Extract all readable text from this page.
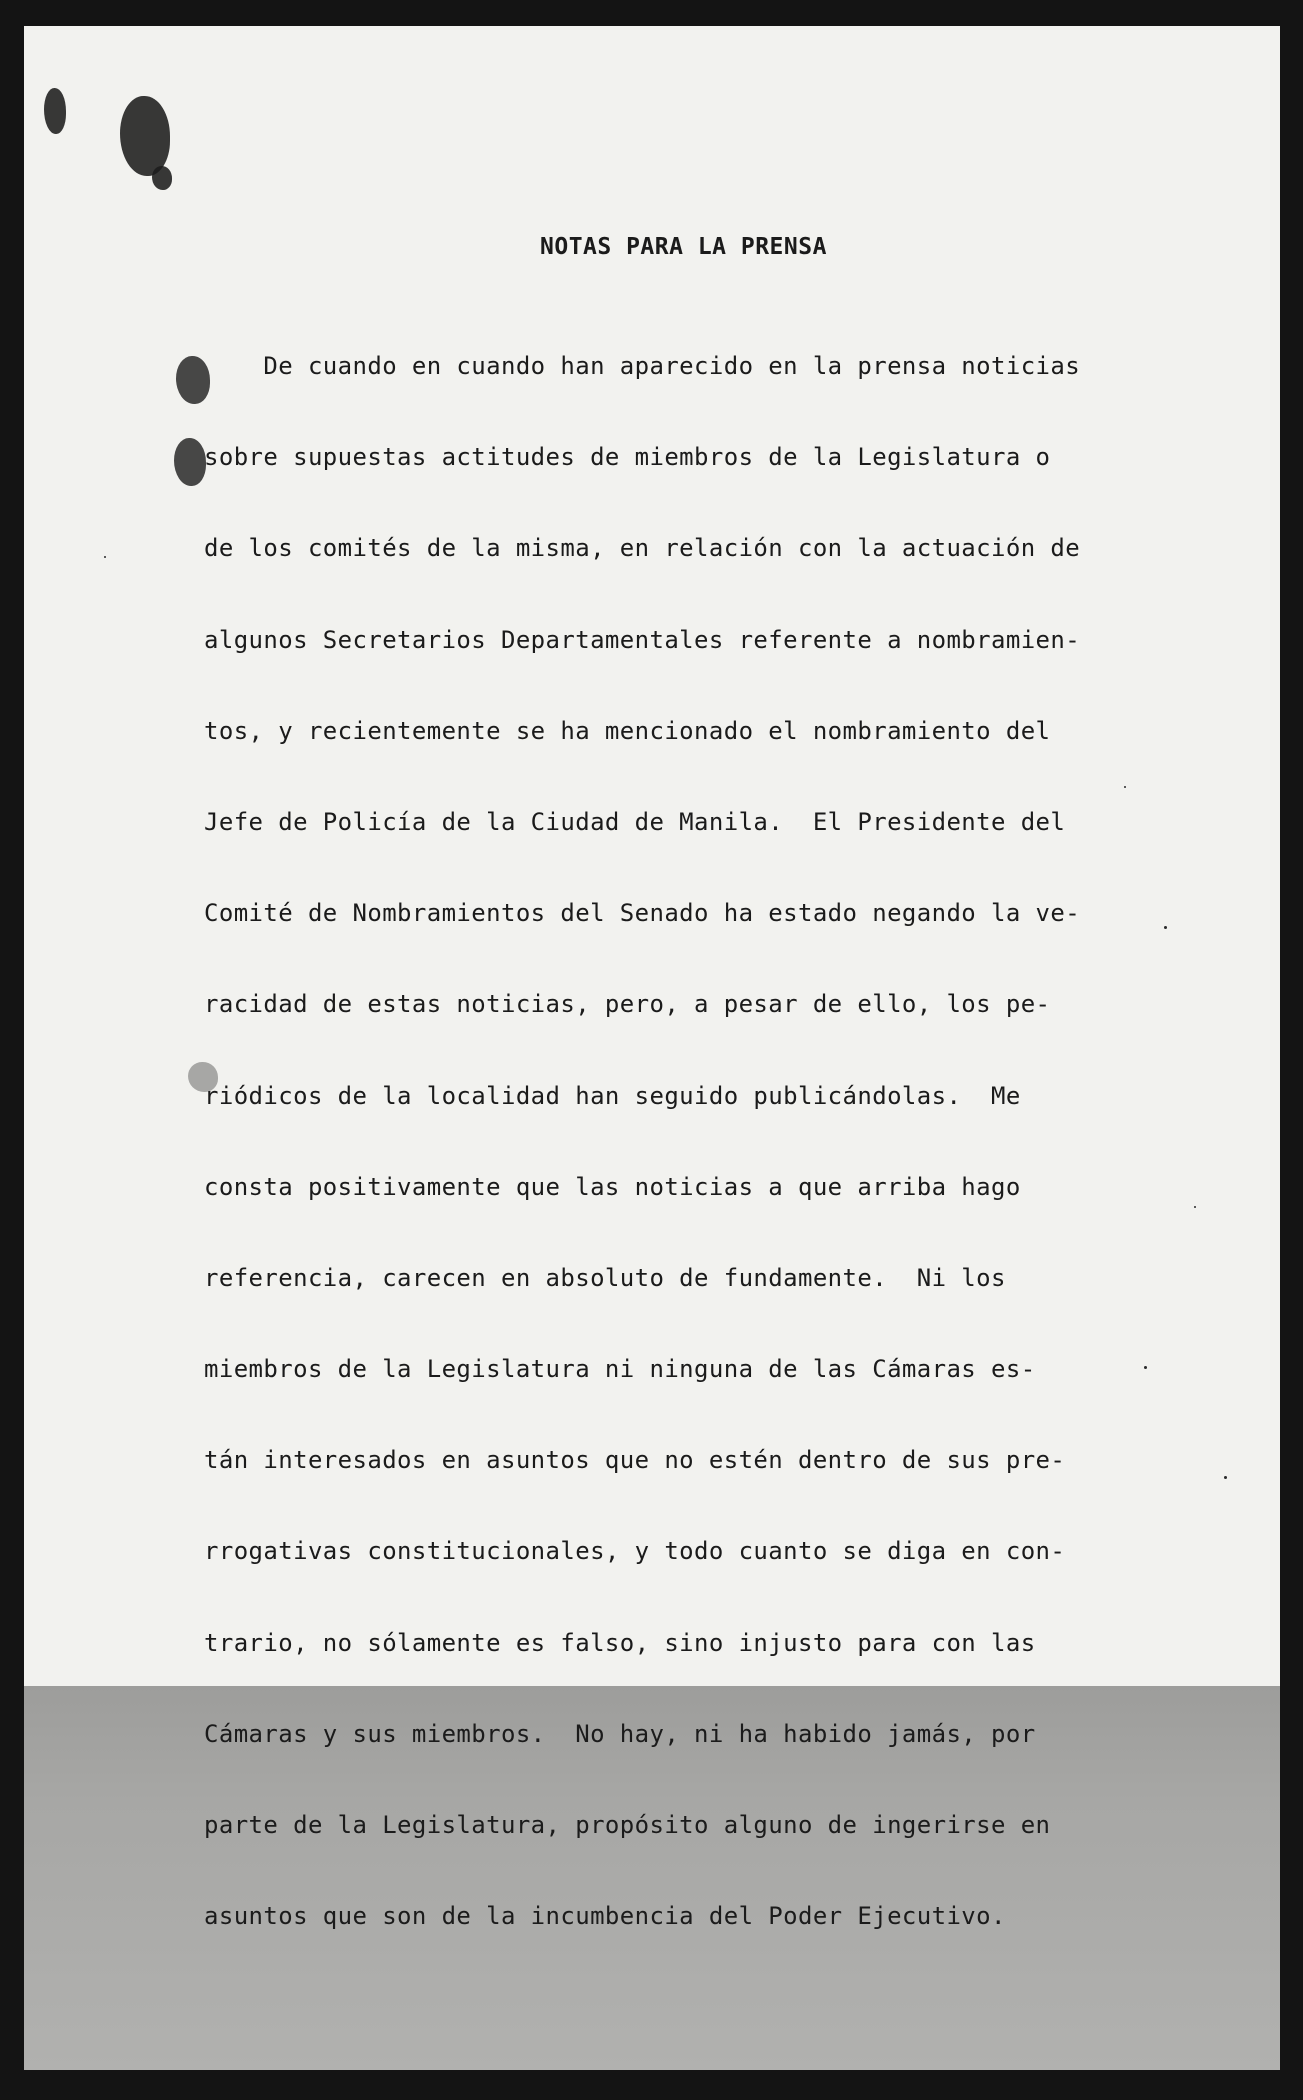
NOTAS PARA LA PRENSA

De cuando en cuando han aparecido en la prensa noticias

sobre supuestas actitudes de miembros de la Legislatura o

de los comités de la misma, en relación con la actuación de

algunos Secretarios Departamentales referente a nombramien-

tos, y recientemente se ha mencionado el nombramiento del

Jefe de Policía de la Ciudad de Manila.  El Presidente del

Comité de Nombramientos del Senado ha estado negando la ve-

racidad de estas noticias, pero, a pesar de ello, los pe-

riódicos de la localidad han seguido publicándolas.  Me

consta positivamente que las noticias a que arriba hago

referencia, carecen en absoluto de fundamente.  Ni los

miembros de la Legislatura ni ninguna de las Cámaras es-

tán interesados en asuntos que no estén dentro de sus pre-

rrogativas constitucionales, y todo cuanto se diga en con-

trario, no sólamente es falso, sino injusto para con las

Cámaras y sus miembros.  No hay, ni ha habido jamás, por

parte de la Legislatura, propósito alguno de ingerirse en

asuntos que son de la incumbencia del Poder Ejecutivo.
